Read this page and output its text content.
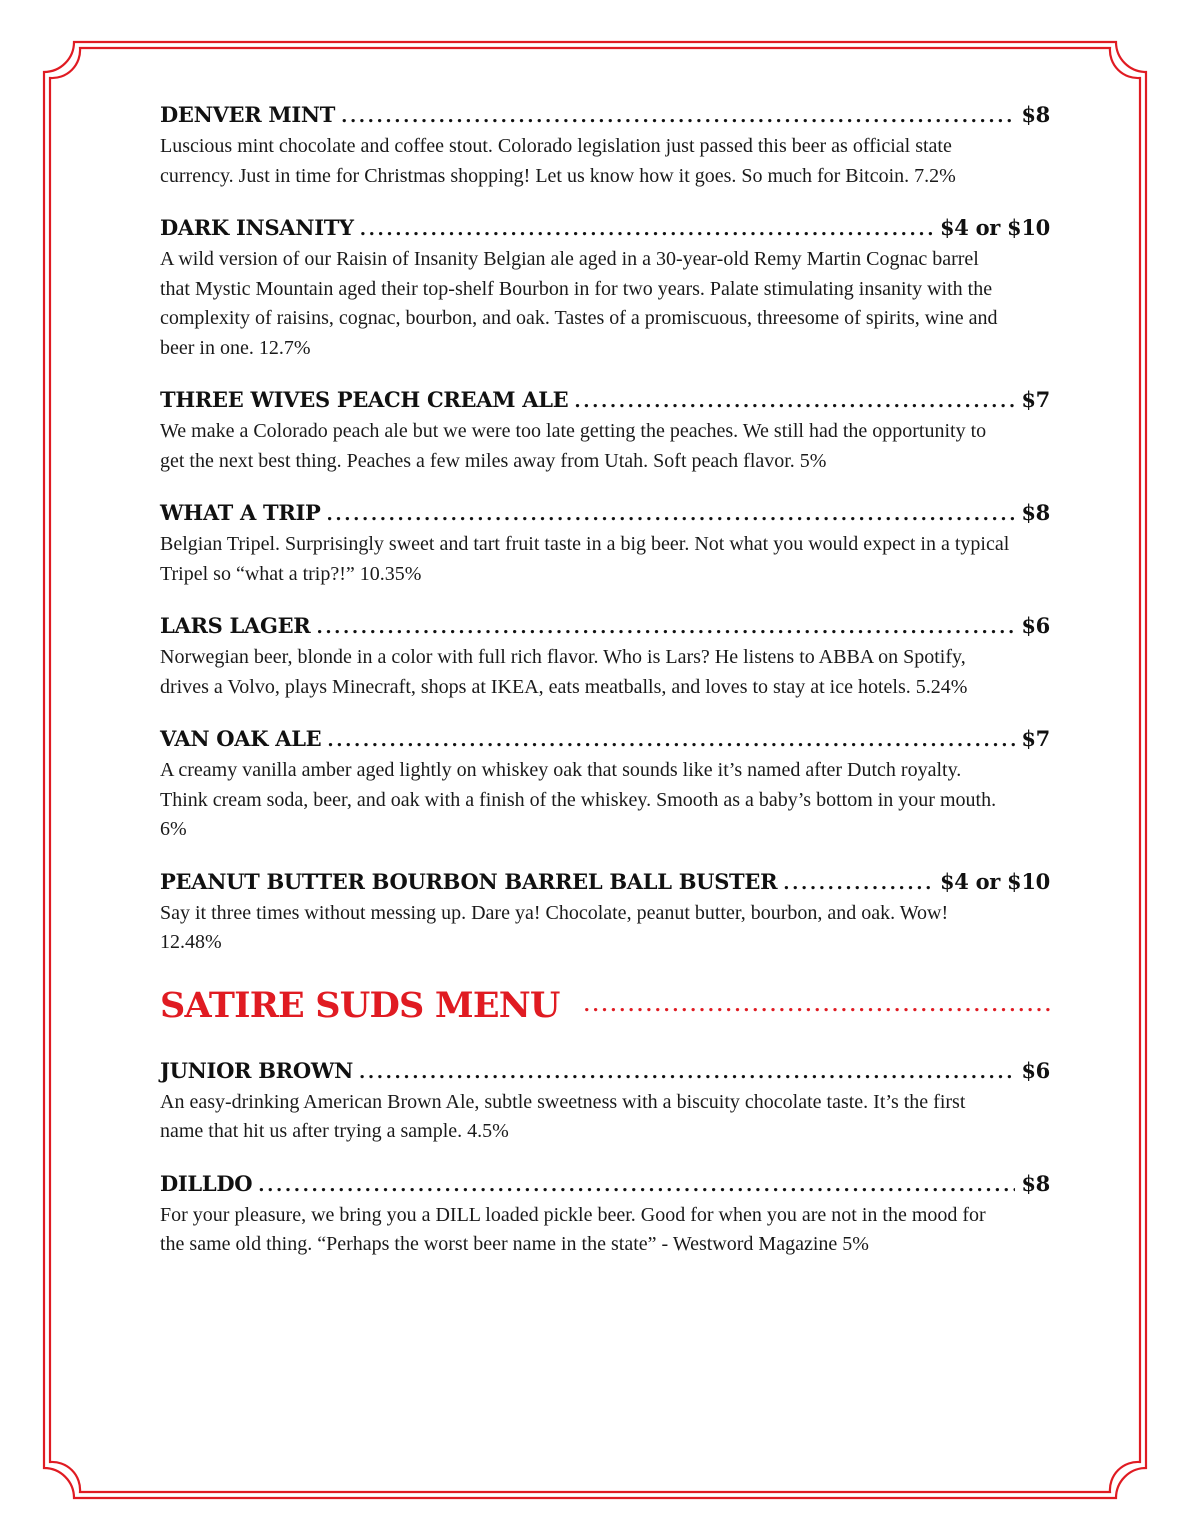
DENVER MINT .....	$8
Luscious mint chocolate and coffee stout. Colorado legislation just passed this beer as official state currency. Just in time for Christmas shopping! Let us know how it goes. So much for Bitcoin. 7.2%
DARK INSANITY .....	$4 or $10
A wild version of our Raisin of Insanity Belgian ale aged in a 30-year-old Remy Martin Cognac barrel that Mystic Mountain aged their top-shelf Bourbon in for two years. Palate stimulating insanity with the complexity of raisins, cognac, bourbon, and oak. Tastes of a promiscuous, threesome of spirits, wine and beer in one. 12.7%
THREE WIVES PEACH CREAM ALE .....	$7
We make a Colorado peach ale but we were too late getting the peaches. We still had the opportunity to get the next best thing. Peaches a few miles away from Utah. Soft peach flavor. 5%
WHAT A TRIP .....	$8
Belgian Tripel. Surprisingly sweet and tart fruit taste in a big beer. Not what you would expect in a typical Tripel so “what a trip?!” 10.35%
LARS LAGER .....	$6
Norwegian beer, blonde in a color with full rich flavor. Who is Lars? He listens to ABBA on Spotify, drives a Volvo, plays Minecraft, shops at IKEA, eats meatballs, and loves to stay at ice hotels. 5.24%
VAN OAK ALE .....	$7
A creamy vanilla amber aged lightly on whiskey oak that sounds like it’s named after Dutch royalty. Think cream soda, beer, and oak with a finish of the whiskey. Smooth as a baby’s bottom in your mouth. 6%
PEANUT BUTTER BOURBON BARREL BALL BUSTER .....	$4 or $10
Say it three times without messing up. Dare ya! Chocolate, peanut butter, bourbon, and oak. Wow! 12.48%
SATIRE SUDS MENU
.....
JUNIOR BROWN .....	$6
An easy-drinking American Brown Ale, subtle sweetness with a biscuity chocolate taste. It’s the first name that hit us after trying a sample. 4.5%
DILLDO .....	$8
For your pleasure, we bring you a DILL loaded pickle beer. Good for when you are not in the mood for the same old thing. “Perhaps the worst beer name in the state” - Westword Magazine 5%
